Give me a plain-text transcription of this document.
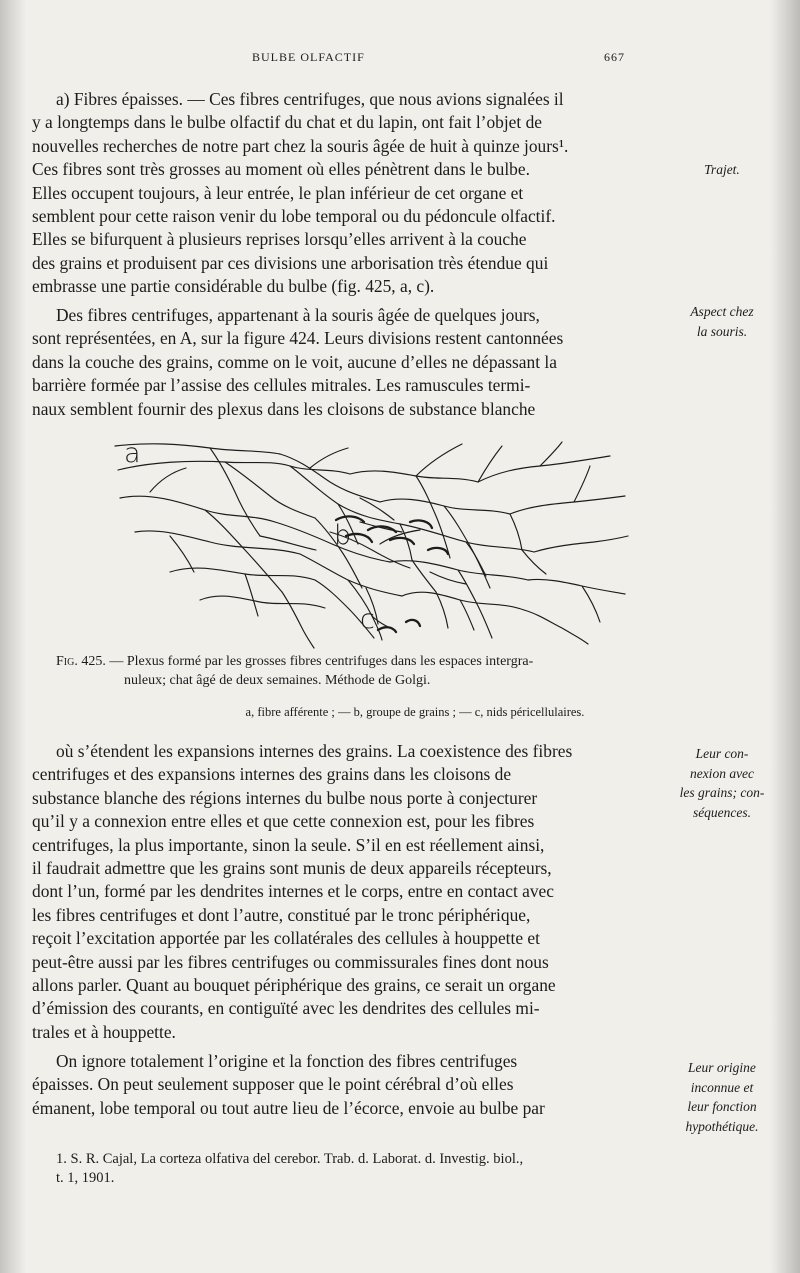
BULBE OLFACTIF	667

a) Fibres épaisses. — Ces fibres centrifuges, que nous avions signalées il

y a longtemps dans le bulbe olfactif du chat et du lapin, ont fait l’objet de

nouvelles recherches de notre part chez la souris âgée de huit à quinze jours¹.

Ces fibres sont très grosses au moment où elles pénètrent dans le bulbe.

Elles occupent toujours, à leur entrée, le plan inférieur de cet organe et

semblent pour cette raison venir du lobe temporal ou du pédoncule olfactif.

Elles se bifurquent à plusieurs reprises lorsqu’elles arrivent à la couche

des grains et produisent par ces divisions une arborisation très étendue qui

embrasse une partie considérable du bulbe (fig. 425, a, c).

Des fibres centrifuges, appartenant à la souris âgée de quelques jours,

sont représentées, en A, sur la figure 424. Leurs divisions restent cantonnées

dans la couche des grains, comme on le voit, aucune d’elles ne dépassant la

barrière formée par l’assise des cellules mitrales. Les ramuscules termi-

naux semblent fournir des plexus dans les cloisons de substance blanche

Trajet.
Aspect chez
la souris.
a
b
c
Fig. 425. — Plexus formé par les grosses fibres centrifuges dans les espaces intergra-
nuleux; chat âgé de deux semaines. Méthode de Golgi.
a, fibre afférente ; — b, groupe de grains ; — c, nids péricellulaires.

où s’étendent les expansions internes des grains. La coexistence des fibres

centrifuges et des expansions internes des grains dans les cloisons de

substance blanche des régions internes du bulbe nous porte à conjecturer

qu’il y a connexion entre elles et que cette connexion est, pour les fibres

centrifuges, la plus importante, sinon la seule. S’il en est réellement ainsi,

il faudrait admettre que les grains sont munis de deux appareils récepteurs,

dont l’un, formé par les dendrites internes et le corps, entre en contact avec

les fibres centrifuges et dont l’autre, constitué par le tronc périphérique,

reçoit l’excitation apportée par les collatérales des cellules à houppette et

peut-être aussi par les fibres centrifuges ou commissurales fines dont nous

allons parler. Quant au bouquet périphérique des grains, ce serait un organe

d’émission des courants, en contiguïté avec les dendrites des cellules mi-

trales et à houppette.

Leur con-
nexion avec
les grains; con-
séquences.

On ignore totalement l’origine et la fonction des fibres centrifuges

épaisses. On peut seulement supposer que le point cérébral d’où elles

émanent, lobe temporal ou tout autre lieu de l’écorce, envoie au bulbe par

Leur origine
inconnue et
leur fonction
hypothétique.
1. S. R. Cajal, La corteza olfativa del cerebor. Trab. d. Laborat. d. Investig. biol.,
t. 1, 1901.
